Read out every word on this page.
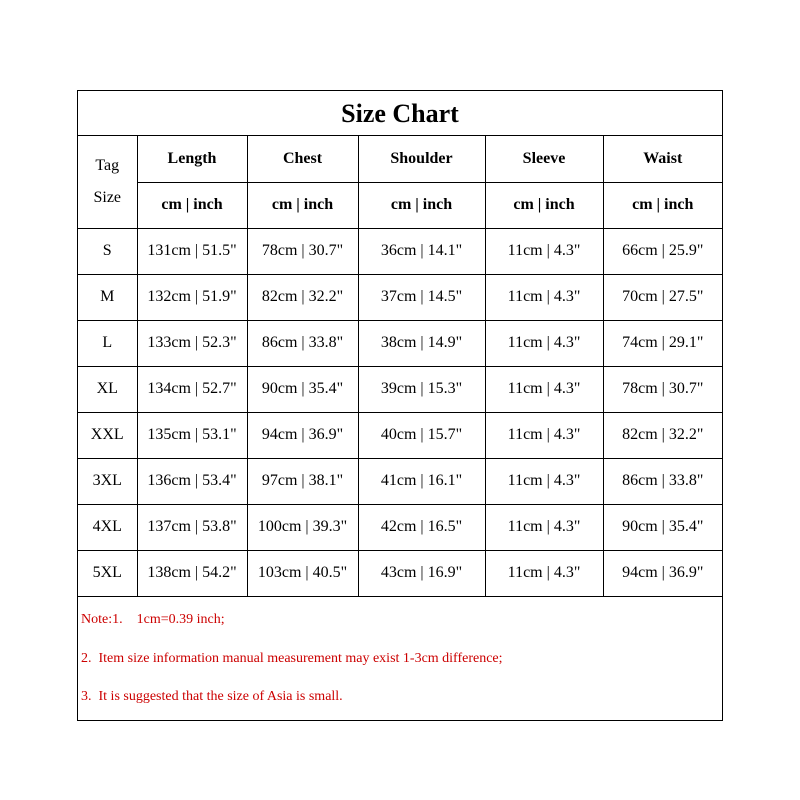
Size Chart
Tag
Size	Length	Chest	Shoulder	Sleeve	Waist
	cm | inch	cm | inch	cm | inch	cm | inch	cm | inch
S	131cm | 51.5"	78cm | 30.7"	36cm | 14.1"	11cm | 4.3"	66cm | 25.9"
M	132cm | 51.9"	82cm | 32.2"	37cm | 14.5"	11cm | 4.3"	70cm | 27.5"
L	133cm | 52.3"	86cm | 33.8"	38cm | 14.9"	11cm | 4.3"	74cm | 29.1"
XL	134cm | 52.7"	90cm | 35.4"	39cm | 15.3"	11cm | 4.3"	78cm | 30.7"
XXL	135cm | 53.1"	94cm | 36.9"	40cm | 15.7"	11cm | 4.3"	82cm | 32.2"
3XL	136cm | 53.4"	97cm | 38.1"	41cm | 16.1"	11cm | 4.3"	86cm | 33.8"
4XL	137cm | 53.8"	100cm | 39.3"	42cm | 16.5"	11cm | 4.3"	90cm | 35.4"
5XL	138cm | 54.2"	103cm | 40.5"	43cm | 16.9"	11cm | 4.3"	94cm | 36.9"
Note:1.    1cm=0.39 inch;
2.  Item size information manual measurement may exist 1-3cm difference;
3.  It is suggested that the size of Asia is small.
